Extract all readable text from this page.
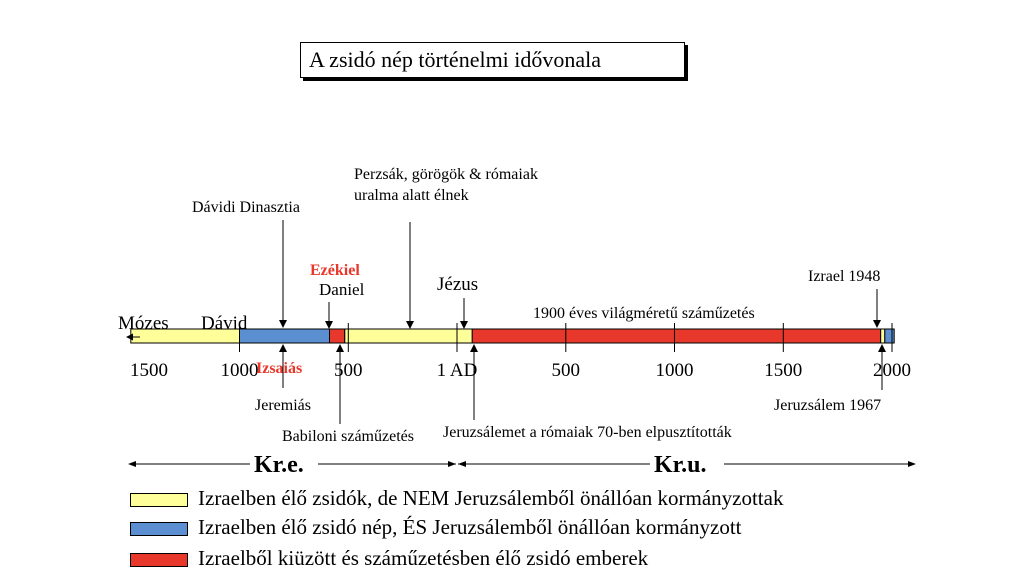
A zsidó nép történelmi idővonala
Mózes Dávid
Dávidi Dinasztia
Ezékiel
Daniel
Perzsák, görögök & rómaiak
uralma alatt élnek
Jézus
1900 éves világméretű száműzetés
Izrael 1948
1500	1000	500	1 AD	500	1000	1500	2000
Izsaiás
Jeremiás
Babiloni száműzetés Jeruzsálemet a rómaiak 70-ben elpusztították
Jeruzsálem 1967
Kr.e.	Kr.u.
Izraelben élő zsidók, de NEM Jeruzsálemből önállóan kormányzottak
Izraelben élő zsidó nép, ÉS Jeruzsálemből önállóan kormányzott
Izraelből kiüzött és száműzetésben élő zsidó emberek
